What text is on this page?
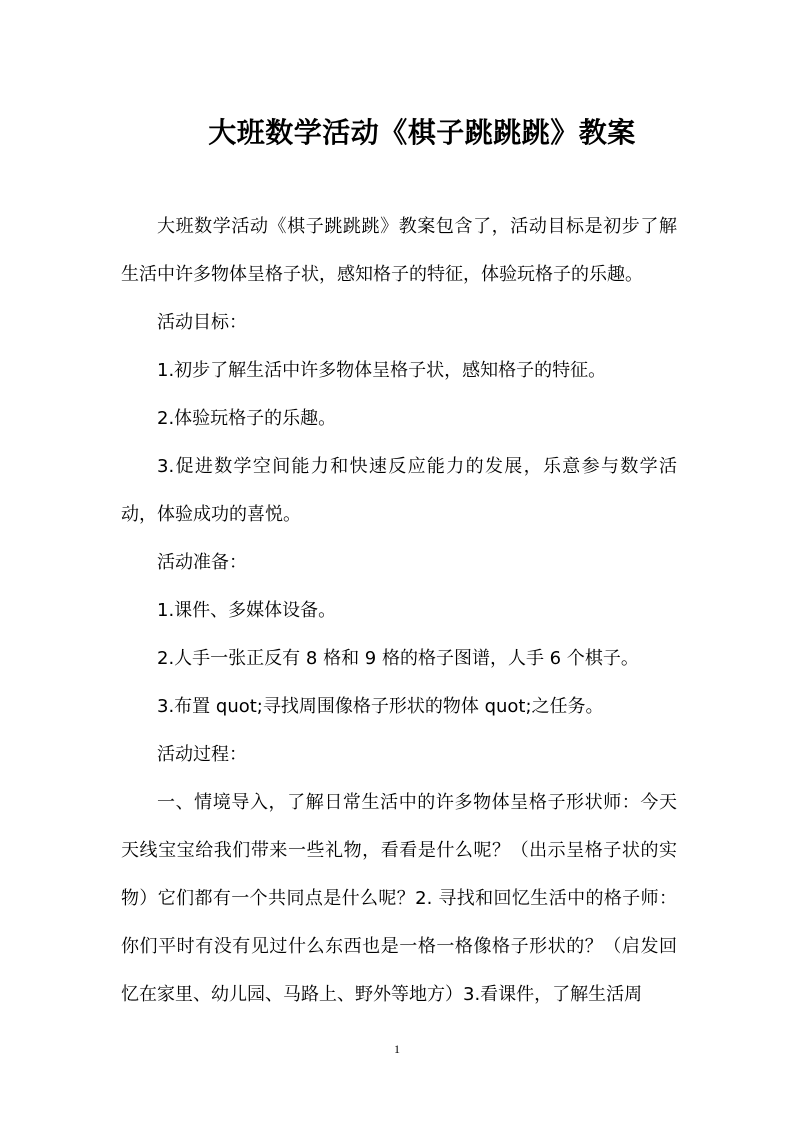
大班数学活动《棋子跳跳跳》教案

大班数学活动《棋子跳跳跳》教案包含了，活动目标是初步了解生活中许多物体呈格子状，感知格子的特征，体验玩格子的乐趣。

活动目标：

1.初步了解生活中许多物体呈格子状，感知格子的特征。

2.体验玩格子的乐趣。

3.促进数学空间能力和快速反应能力的发展，乐意参与数学活动，体验成功的喜悦。

活动准备：

1.课件、多媒体设备。

2.人手一张正反有 8 格和 9 格的格子图谱，人手 6 个棋子。

3.布置 quot;寻找周围像格子形状的物体 quot;之任务。

活动过程：

一、情境导入，了解日常生活中的许多物体呈格子形状师：今天天线宝宝给我们带来一些礼物，看看是什么呢？（出示呈格子状的实物）它们都有一个共同点是什么呢？2. 寻找和回忆生活中的格子师：你们平时有没有见过什么东西也是一格一格像格子形状的？（启发回忆在家里、幼儿园、马路上、野外等地方）3.看课件，了解生活周

1
